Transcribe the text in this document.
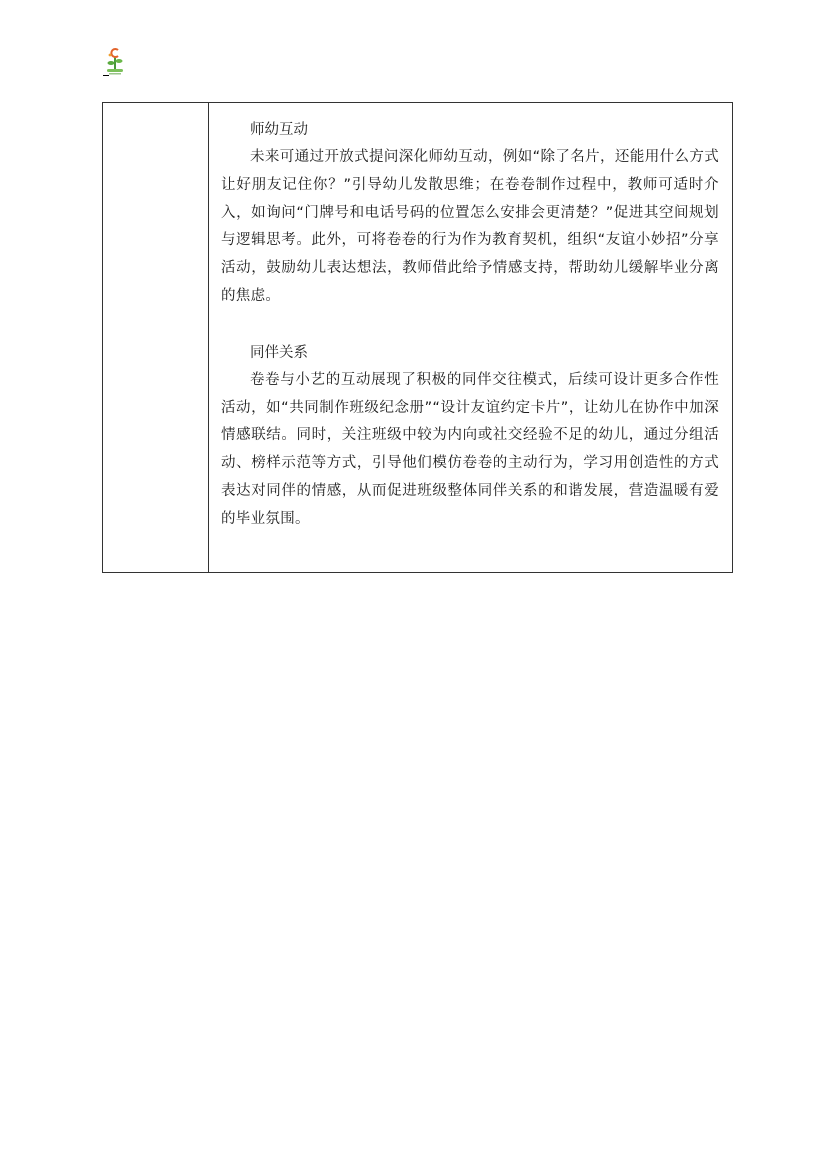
师幼互动

未来可通过开放式提问深化师幼互动，例如“除了名片，还能用什么方式让好朋友记住你？”引导幼儿发散思维；在卷卷制作过程中，教师可适时介入，如询问“门牌号和电话号码的位置怎么安排会更清楚？”促进其空间规划与逻辑思考。此外，可将卷卷的行为作为教育契机，组织“友谊小妙招”分享活动，鼓励幼儿表达想法，教师借此给予情感支持，帮助幼儿缓解毕业分离的焦虑。

同伴关系

卷卷与小艺的互动展现了积极的同伴交往模式，后续可设计更多合作性活动，如“共同制作班级纪念册”“设计友谊约定卡片”，让幼儿在协作中加深情感联结。同时，关注班级中较为内向或社交经验不足的幼儿，通过分组活动、榜样示范等方式，引导他们模仿卷卷的主动行为，学习用创造性的方式表达对同伴的情感，从而促进班级整体同伴关系的和谐发展，营造温暖有爱的毕业氛围。
